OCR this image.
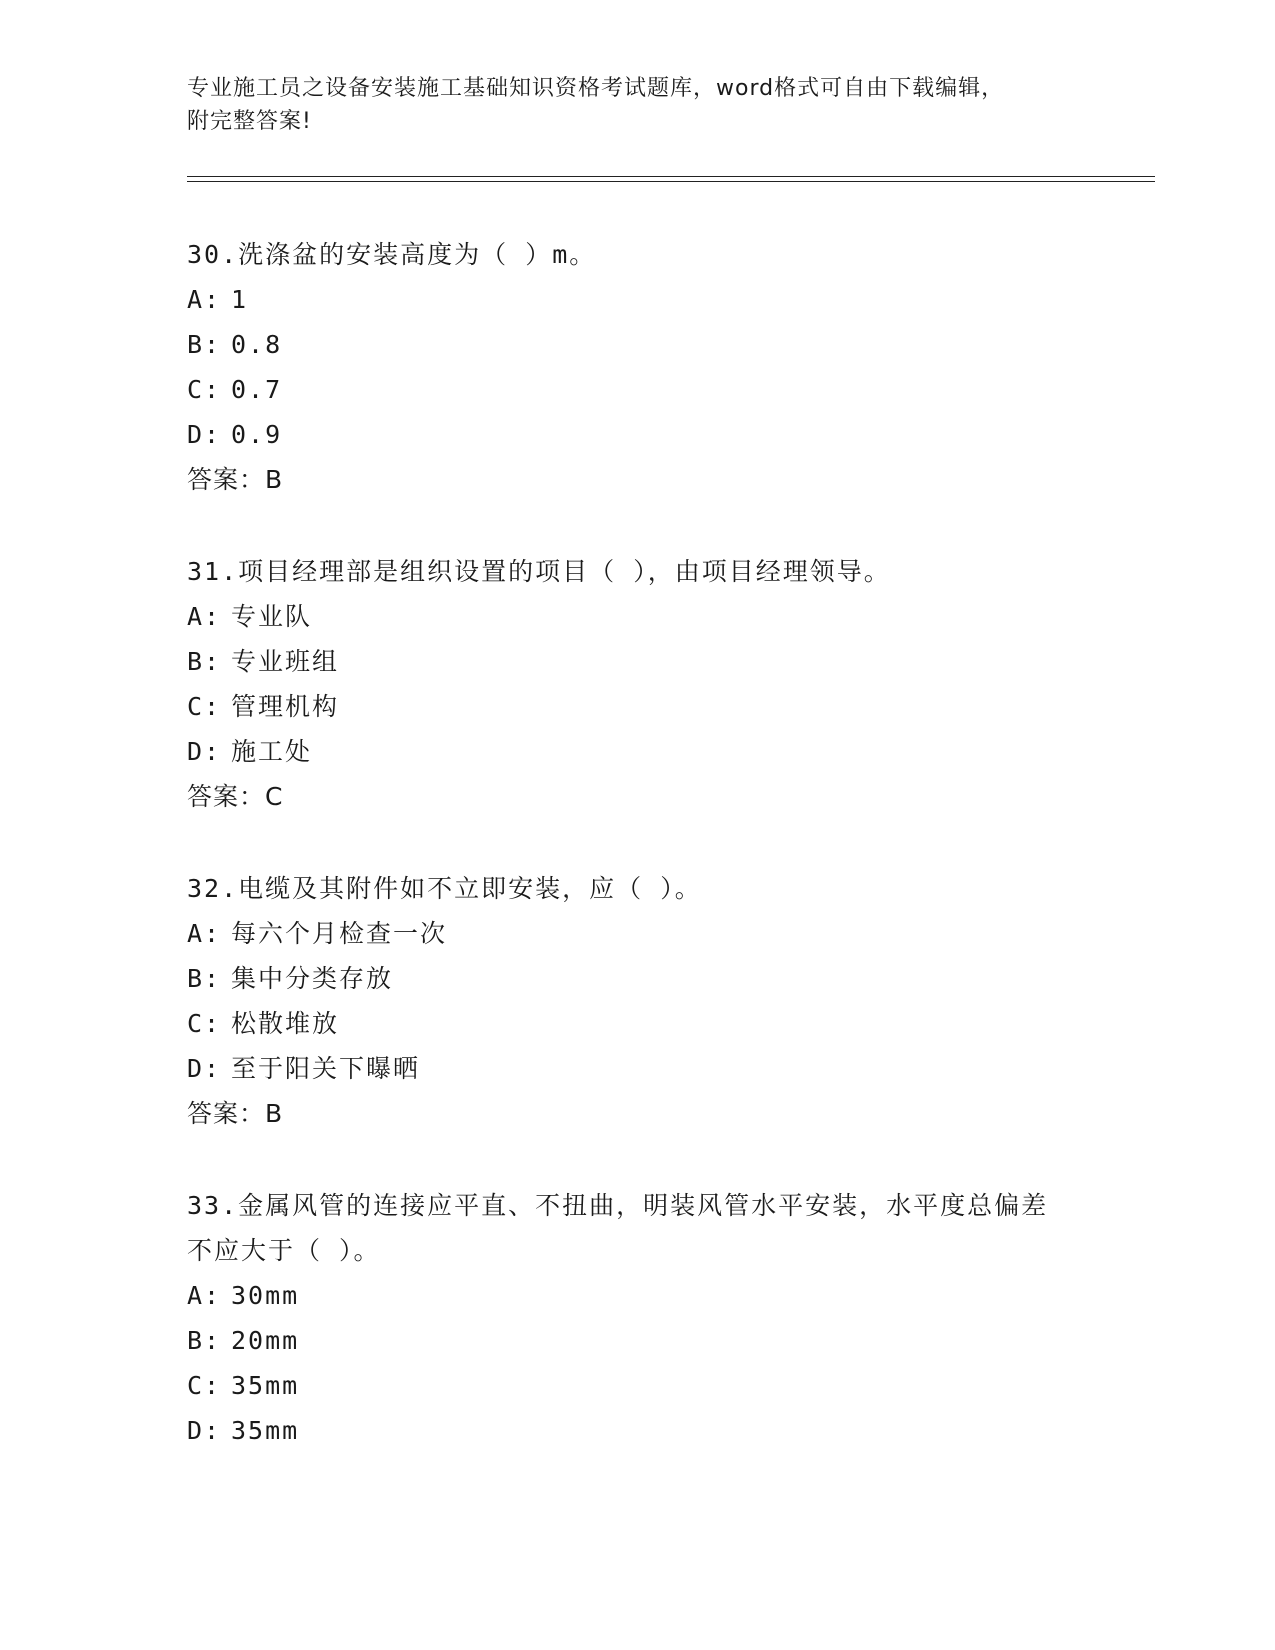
专业施工员之设备安装施工基础知识资格考试题库，word格式可自由下载编辑，
附完整答案!

30.洗涤盆的安装高度为（ ）m。

A: 1

B: 0.8

C: 0.7

D: 0.9

答案：B

31.项目经理部是组织设置的项目（ ），由项目经理领导。

A: 专业队

B: 专业班组

C: 管理机构

D: 施工处

答案：C

32.电缆及其附件如不立即安装，应（ ）。

A: 每六个月检查一次

B: 集中分类存放

C: 松散堆放

D: 至于阳关下曝晒

答案：B

33.金属风管的连接应平直、不扭曲，明装风管水平安装，水平度总偏差不应大于（ ）。

A: 30mm

B: 20mm

C: 35mm

D: 35mm
